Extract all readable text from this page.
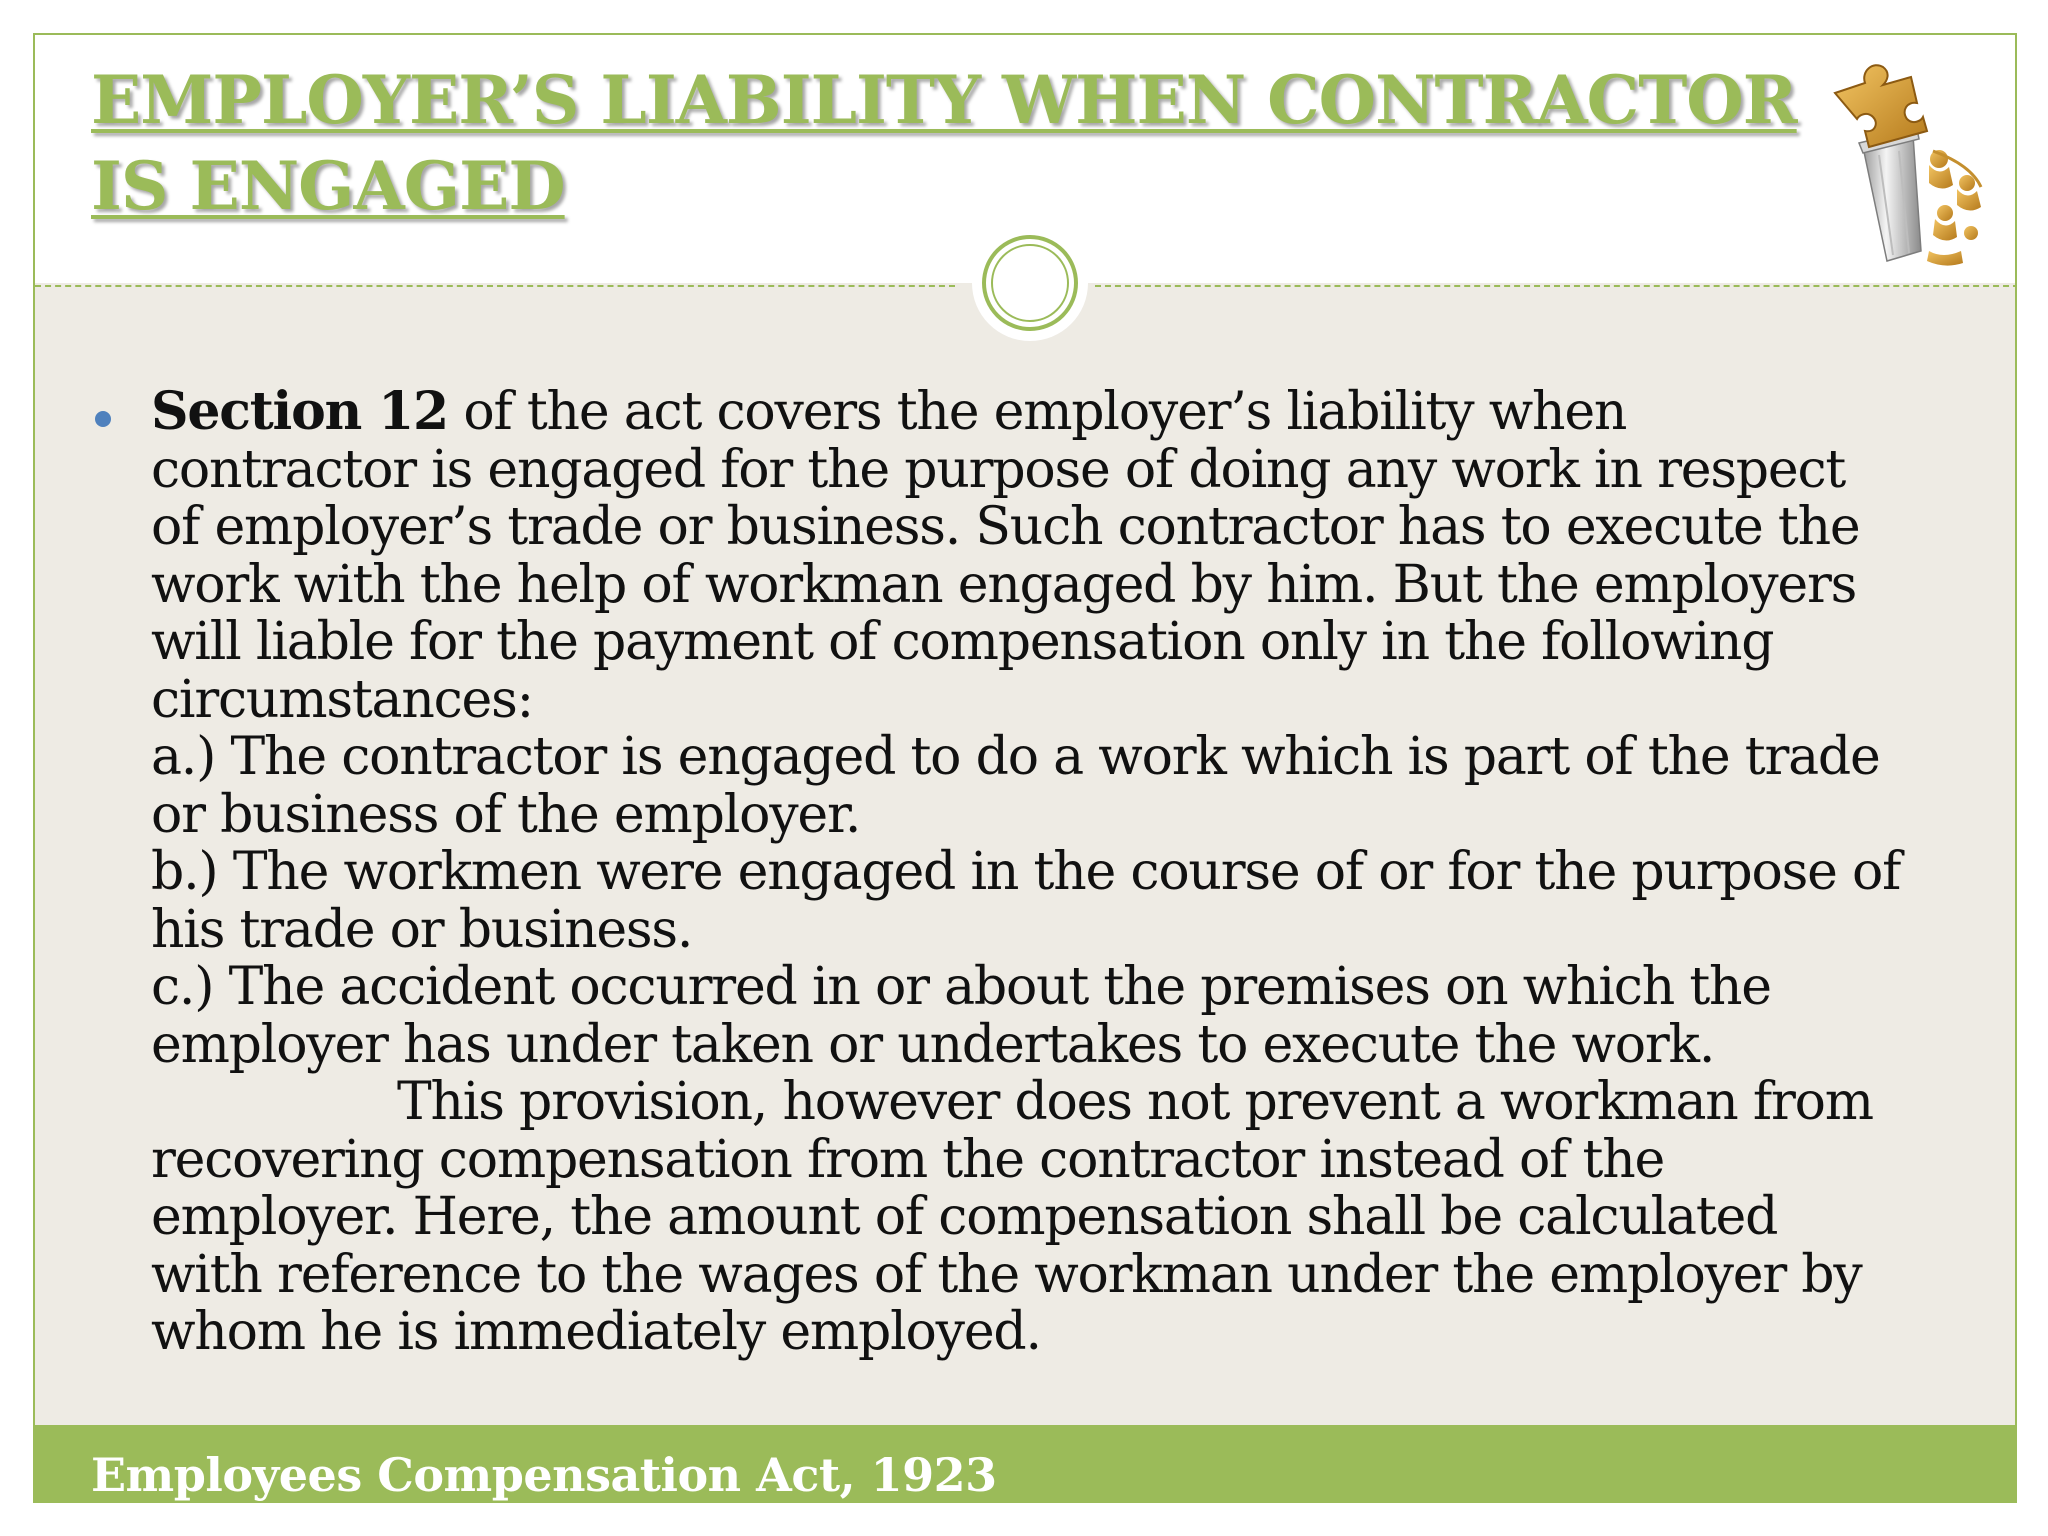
EMPLOYER’S LIABILITY WHEN CONTRACTOR
IS ENGAGED
Section 12 of the act covers the employer’s liability when
contractor is engaged for the purpose of doing any work in respect
of employer’s trade or business. Such contractor has to execute the
work with the help of workman engaged by him. But the employers
will liable for the payment of compensation only in the following
circumstances:
a.) The contractor is engaged to do a work which is part of the trade
or business of the employer.
b.) The workmen were engaged in the course of or for the purpose of
his trade or business.
c.) The accident occurred in or about the premises on which the
employer has under taken or undertakes to execute the work.
This provision, however does not prevent a workman from
recovering compensation from the contractor instead of the
employer. Here, the amount of compensation shall be calculated
with reference to the wages of the workman under the employer by
whom he is immediately employed.
Employees Compensation Act, 1923
